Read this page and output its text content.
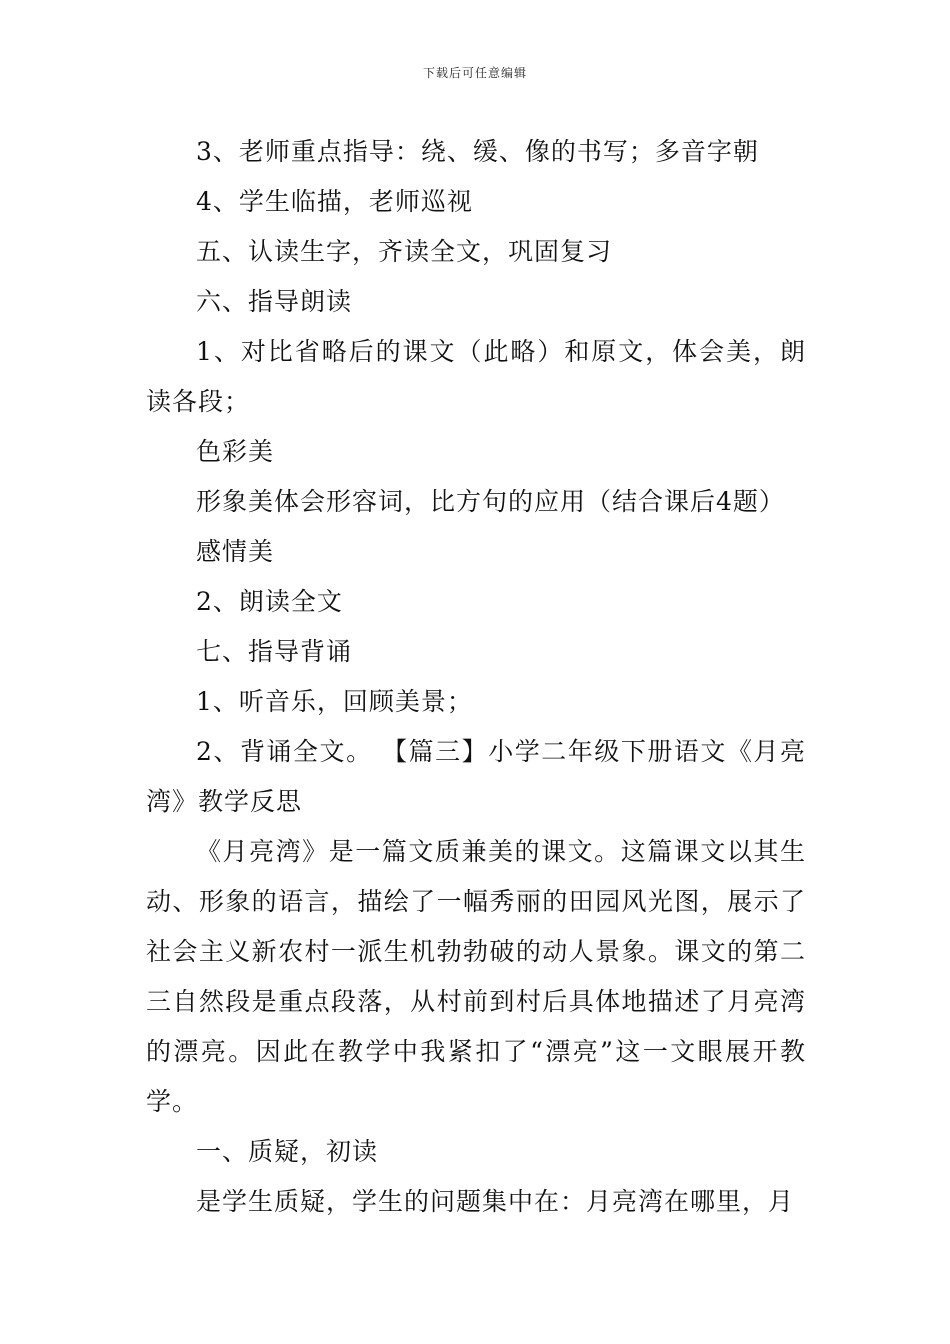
下载后可任意编辑

3、老师重点指导：绕、缓、像的书写；多音字朝

4、学生临描，老师巡视

五、认读生字，齐读全文，巩固复习

六、指导朗读

1、对比省略后的课文（此略）和原文，体会美，朗读各段；

色彩美

形象美体会形容词，比方句的应用（结合课后4题）

感情美

2、朗读全文

七、指导背诵

1、听音乐，回顾美景；

2、背诵全文。 【篇三】小学二年级下册语文《月亮湾》教学反思

《月亮湾》是一篇文质兼美的课文。这篇课文以其生动、形象的语言，描绘了一幅秀丽的田园风光图，展示了社会主义新农村一派生机勃勃破的动人景象。课文的第二三自然段是重点段落，从村前到村后具体地描述了月亮湾的漂亮。因此在教学中我紧扣了“漂亮”这一文眼展开教学。

一、质疑，初读

是学生质疑，学生的问题集中在：月亮湾在哪里，月
